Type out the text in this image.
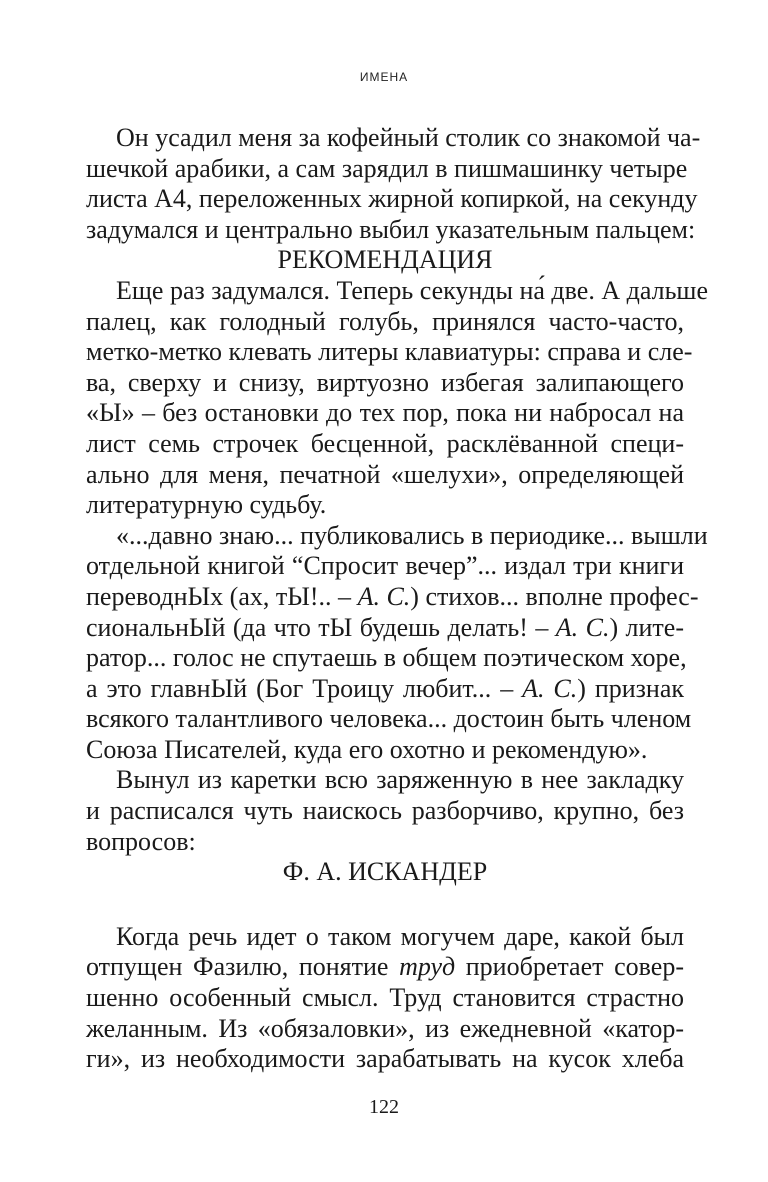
ИМЕНА
Он усадил меня за кофейный столик со знакомой ча-
шечкой арабики, а сам зарядил в пишмашинку четыре
листа А4, переложенных жирной копиркой, на секунду
задумался и центрально выбил указательным пальцем:
РЕКОМЕНДАЦИЯ
Еще раз задумался. Теперь секунды на́ две. А дальше
палец, как голодный голубь, принялся часто-часто,
метко-метко клевать литеры клавиатуры: справа и сле-
ва, сверху и снизу, виртуозно избегая залипающего
«Ы» – без остановки до тех пор, пока ни набросал на
лист семь строчек бесценной, расклёванной специ-
ально для меня, печатной «шелухи», определяющей
литературную судьбу.
«...давно знаю... публиковались в периодике... вышли
отдельной книгой “Спросит вечер”... издал три книги
переводнЫх (ах, тЫ!.. – А. С.) стихов... вполне профес-
сиональнЫй (да что тЫ будешь делать! – А. С.) лите-
ратор... голос не спутаешь в общем поэтическом хоре,
а это главнЫй (Бог Троицу любит... – А. С.) признак
всякого талантливого человека... достоин быть членом
Союза Писателей, куда его охотно и рекомендую».
Вынул из каретки всю заряженную в нее закладку
и расписался чуть наискось разборчиво, крупно, без
вопросов:
Ф. А. ИСКАНДЕР
Когда речь идет о таком могучем даре, какой был
отпущен Фазилю, понятие труд приобретает совер-
шенно особенный смысл. Труд становится страстно
желанным. Из «обязаловки», из ежедневной «катор-
ги», из необходимости зарабатывать на кусок хлеба
122
